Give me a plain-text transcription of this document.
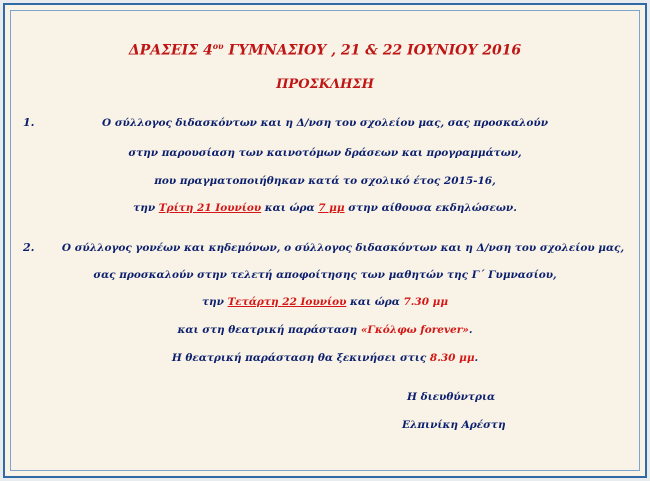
ΔΡΑΣΕΙΣ $4^{o\upsilon}$ ΓΥΜΝΑΣΙΟΥ , 21 & 22 ΙΟΥΝΙΟΥ 2016
ΠΡΟΣΚΛΗΣΗ
1.	Ο σύλλογος διδασκόντων και η Δ/νση του σχολείου μας, σας προσκαλούν
στην παρουσίαση των καινοτόμων δράσεων και προγραμμάτων,
που πραγματοποιήθηκαν κατά το σχολικό έτος 2015-16,
την Τρίτη 21 Ιουνίου και ώρα 7 μμ στην αίθουσα εκδηλώσεων.
2.	Ο σύλλογος γονέων και κηδεμόνων, ο σύλλογος διδασκόντων και η Δ/νση του σχολείου μας,
σας προσκαλούν στην τελετή αποφοίτησης των μαθητών της Γ΄ Γυμνασίου,
την Τετάρτη 22 Ιουνίου και ώρα 7.30 μμ
και στη θεατρική παράσταση «Γκόλφω forever».
Η θεατρική παράσταση θα ξεκινήσει στις 8.30 μμ.
Η διευθύντρια
Ελπινίκη Αρέστη
